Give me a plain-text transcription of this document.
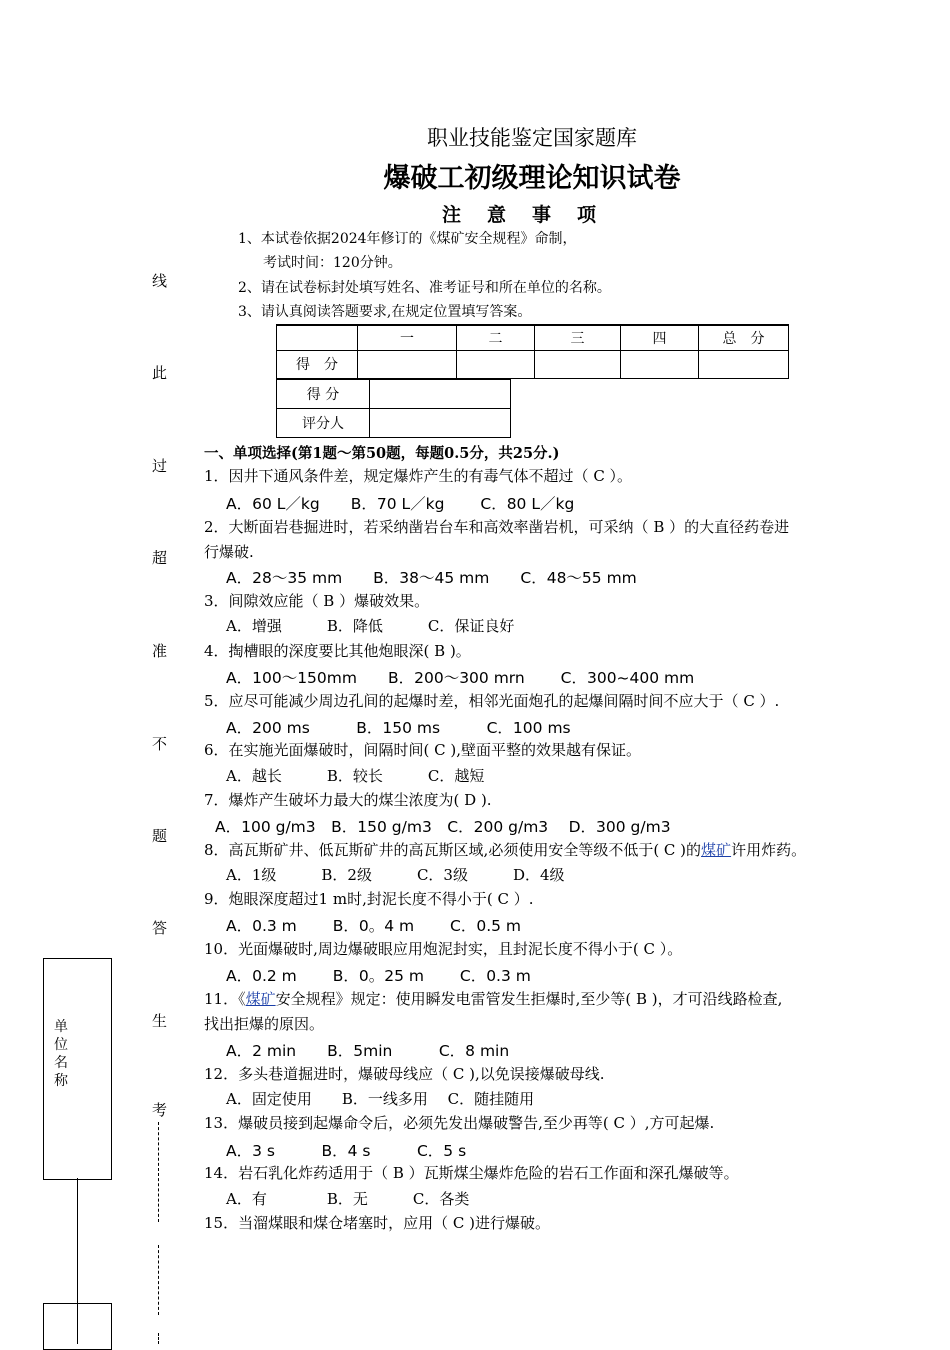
职业技能鉴定国家题库
爆破工初级理论知识试卷
注意事项
1、本试卷依据2024年修订的《煤矿安全规程》命制，
考试时间：120分钟。
2、请在试卷标封处填写姓名、准考证号和所在单位的名称。
3、请认真阅读答题要求,在规定位置填写答案。
	一	二	三	四	总　分
得　分					
得 分	
评分人	
线
此
过
超
准
不
题
答
生
考
单位名称
一、单项选择(第1题～第50题，每题0.5分，共25分.)
1．因井下通风条件差，规定爆炸产生的有毒气体不超过（ C ）。
A．60 L／kg　　B．70 L／kg　　 C．80 L／kg
2．大断面岩巷掘进时，若采纳凿岩台车和高效率凿岩机，可采纳（ B ）的大直径药卷进
行爆破.
A．28～35 mm　　B．38～45 mm　　C．48～55 mm
3．间隙效应能（ B ）爆破效果。
A．增强　　　B．降低　　　C．保证良好
4．掏槽眼的深度要比其他炮眼深( B )。
A．100～150mm　　B．200～300 mrn　　 C．300~400 mm
5．应尽可能减少周边孔间的起爆时差，相邻光面炮孔的起爆间隔时间不应大于（ C ）.
A．200 ms　　　B．150 ms　　　C．100 ms
6．在实施光面爆破时，间隔时间( C ),壁面平整的效果越有保证。
A．越长　　　B．较长　　　C．越短
7．爆炸产生破坏力最大的煤尘浓度为( D ).
A．100 g/m3　B．150 g/m3　C．200 g/m3　 D．300 g/m3
8．高瓦斯矿井、低瓦斯矿井的高瓦斯区域,必须使用安全等级不低于( C )的煤矿许用炸药。
A．1级　　　B．2级　　　C．3级　　　D．4级
9．炮眼深度超过1 m时,封泥长度不得小于( C ）.
A．0.3 m　　 B．0。4 m　　 C．0.5 m
10．光面爆破时,周边爆破眼应用炮泥封实，且封泥长度不得小于( C ）。
A．0.2 m　　 B．0。25 m　　 C．0.3 m
11．《煤矿安全规程》规定：使用瞬发电雷管发生拒爆时,至少等( B )，才可沿线路检查,
找出拒爆的原因。
A．2 min　　B．5min　　　C．8 min
12．多头巷道掘进时，爆破母线应（ C ),以免误接爆破母线.
A．固定使用　　B．一线多用　 C．随挂随用
13．爆破员接到起爆命令后，必须先发出爆破警告,至少再等( C ）,方可起爆.
A．3 s　　　B．4 s　　　C．5 s
14．岩石乳化炸药适用于（ B ）瓦斯煤尘爆炸危险的岩石工作面和深孔爆破等。
A．有　　　　B．无　　　C．各类
15．当溜煤眼和煤仓堵塞时，应用（ C )进行爆破。
